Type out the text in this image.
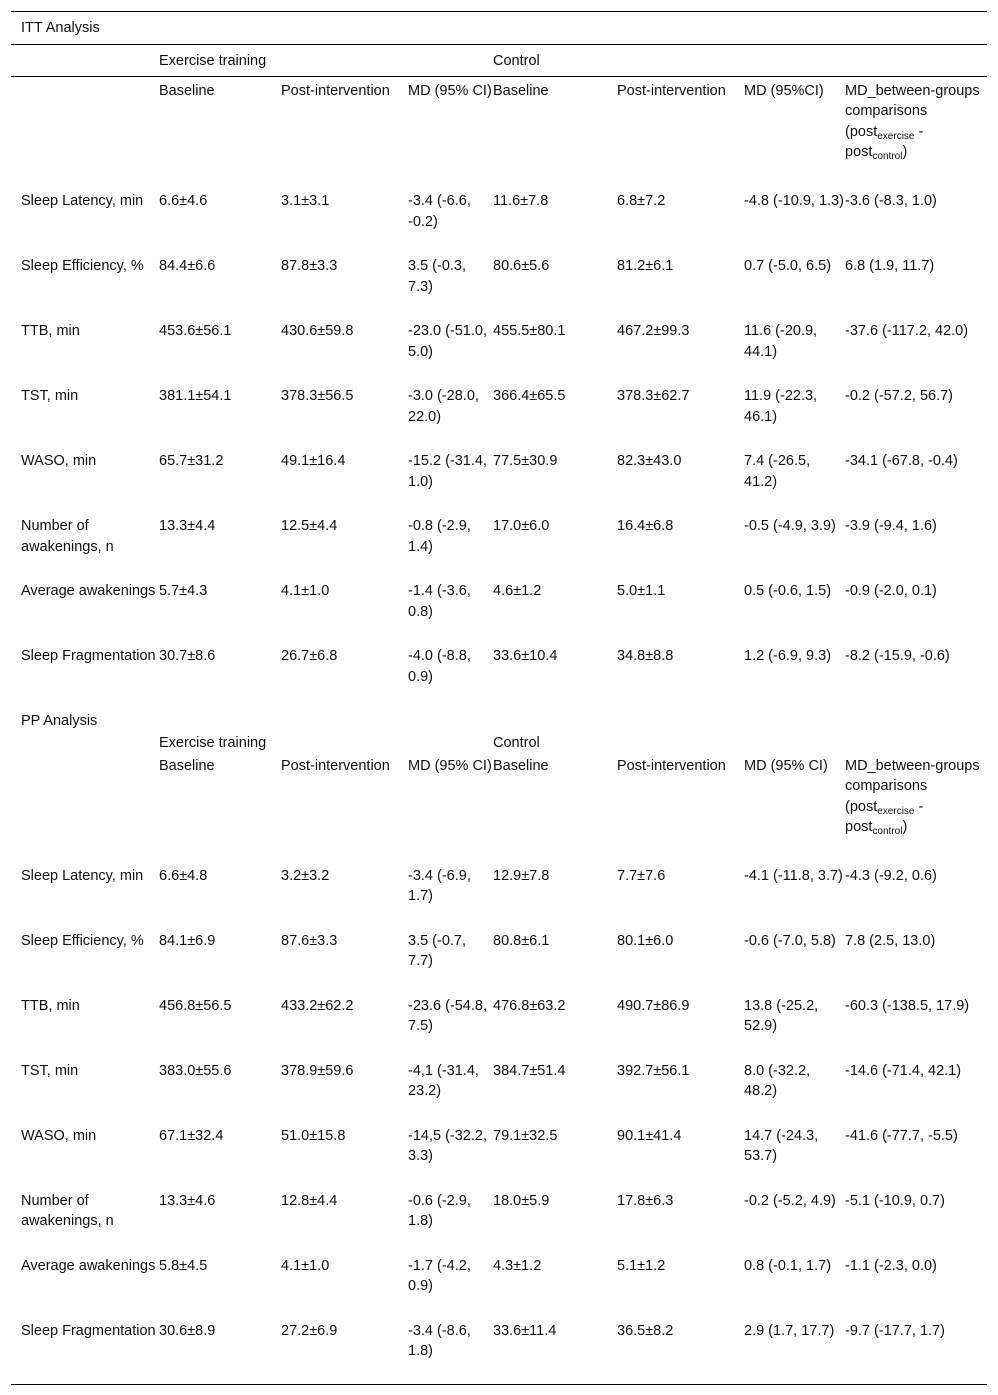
ITT Analysis							
	Exercise training			Control			
	Baseline	Post-intervention	MD (95% CI)	Baseline	Post-intervention	MD (95%CI)	MD_between-groups comparisons (post$_{exercise}$ - post$_{control}$)
Sleep Latency, min	6.6±4.6	3.1±3.1	-3.4 (-6.6, -0.2)	11.6±7.8	6.8±7.2	-4.8 (-10.9, 1.3)	-3.6 (-8.3, 1.0)
Sleep Efficiency, %	84.4±6.6	87.8±3.3	3.5 (-0.3, 7.3)	80.6±5.6	81.2±6.1	0.7 (-5.0, 6.5)	6.8 (1.9, 11.7)
TTB, min	453.6±56.1	430.6±59.8	-23.0 (-51.0, 5.0)	455.5±80.1	467.2±99.3	11.6 (-20.9, 44.1)	-37.6 (-117.2, 42.0)
TST, min	381.1±54.1	378.3±56.5	-3.0 (-28.0, 22.0)	366.4±65.5	378.3±62.7	11.9 (-22.3, 46.1)	-0.2 (-57.2, 56.7)
WASO, min	65.7±31.2	49.1±16.4	-15.2 (-31.4, 1.0)	77.5±30.9	82.3±43.0	7.4 (-26.5, 41.2)	-34.1 (-67.8, -0.4)
Number of awakenings, n	13.3±4.4	12.5±4.4	-0.8 (-2.9, 1.4)	17.0±6.0	16.4±6.8	-0.5 (-4.9, 3.9)	-3.9 (-9.4, 1.6)
Average awakenings	5.7±4.3	4.1±1.0	-1.4 (-3.6, 0.8)	4.6±1.2	5.0±1.1	0.5 (-0.6, 1.5)	-0.9 (-2.0, 0.1)
Sleep Fragmentation	30.7±8.6	26.7±6.8	-4.0 (-8.8, 0.9)	33.6±10.4	34.8±8.8	1.2 (-6.9, 9.3)	-8.2 (-15.9, -0.6)
PP Analysis							
	Exercise training			Control			
	Baseline	Post-intervention	MD (95% CI)	Baseline	Post-intervention	MD (95% CI)	MD_between-groups comparisons (post$_{exercise}$ - post$_{control}$)
Sleep Latency, min	6.6±4.8	3.2±3.2	-3.4 (-6.9, 1.7)	12.9±7.8	7.7±7.6	-4.1 (-11.8, 3.7)	-4.3 (-9.2, 0.6)
Sleep Efficiency, %	84.1±6.9	87.6±3.3	3.5 (-0.7, 7.7)	80.8±6.1	80.1±6.0	-0.6 (-7.0, 5.8)	7.8 (2.5, 13.0)
TTB, min	456.8±56.5	433.2±62.2	-23.6 (-54.8, 7.5)	476.8±63.2	490.7±86.9	13.8 (-25.2, 52.9)	-60.3 (-138.5, 17.9)
TST, min	383.0±55.6	378.9±59.6	-4,1 (-31.4, 23.2)	384.7±51.4	392.7±56.1	8.0 (-32.2, 48.2)	-14.6 (-71.4, 42.1)
WASO, min	67.1±32.4	51.0±15.8	-14,5 (-32.2, 3.3)	79.1±32.5	90.1±41.4	14.7 (-24.3, 53.7)	-41.6 (-77.7, -5.5)
Number of awakenings, n	13.3±4.6	12.8±4.4	-0.6 (-2.9, 1.8)	18.0±5.9	17.8±6.3	-0.2 (-5.2, 4.9)	-5.1 (-10.9, 0.7)
Average awakenings	5.8±4.5	4.1±1.0	-1.7 (-4.2, 0.9)	4.3±1.2	5.1±1.2	0.8 (-0.1, 1.7)	-1.1 (-2.3, 0.0)
Sleep Fragmentation	30.6±8.9	27.2±6.9	-3.4 (-8.6, 1.8)	33.6±11.4	36.5±8.2	2.9 (1.7, 17.7)	-9.7 (-17.7, 1.7)
